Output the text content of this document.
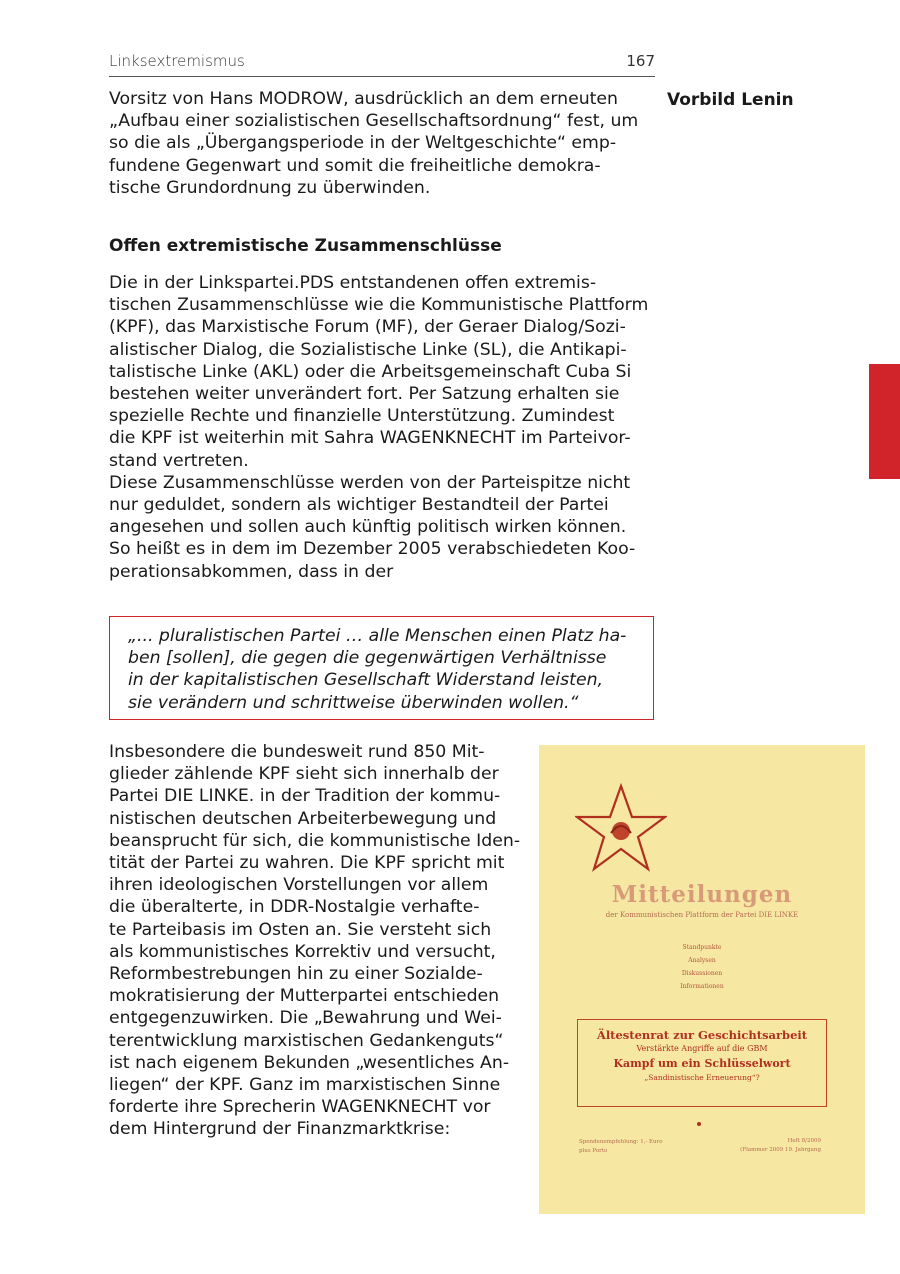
Linksextremismus	167
Vorbild Lenin

Vorsitz von Hans MODROW, ausdrücklich an dem erneuten
„Aufbau einer sozialistischen Gesellschaftsordnung“ fest, um
so die als „Übergangsperiode in der Weltgeschichte“ emp-
fundene Gegenwart und somit die freiheitliche demokra-
tische Grundordnung zu überwinden.

Offen extremistische Zusammenschlüsse

Die in der Linkspartei.PDS entstandenen offen extremis-
tischen Zusammenschlüsse wie die Kommunistische Plattform
(KPF), das Marxistische Forum (MF), der Geraer Dialog/Sozi-
alistischer Dialog, die Sozialistische Linke (SL), die Antikapi-
talistische Linke (AKL) oder die Arbeitsgemeinschaft Cuba Si
bestehen weiter unverändert fort. Per Satzung erhalten sie
spezielle Rechte und finanzielle Unterstützung. Zumindest
die KPF ist weiterhin mit Sahra WAGENKNECHT im Parteivor-
stand vertreten.
Diese Zusammenschlüsse werden von der Parteispitze nicht
nur geduldet, sondern als wichtiger Bestandteil der Partei
angesehen und sollen auch künftig politisch wirken können.
So heißt es in dem im Dezember 2005 verabschiedeten Koo-
perationsabkommen, dass in der

„... pluralistischen Partei … alle Menschen einen Platz ha-
ben [sollen], die gegen die gegenwärtigen Verhältnisse
in der kapitalistischen Gesellschaft Widerstand leisten,
sie verändern und schrittweise überwinden wollen.“

Insbesondere die bundesweit rund 850 Mit-
glieder zählende KPF sieht sich innerhalb der
Partei DIE LINKE. in der Tradition der kommu-
nistischen deutschen Arbeiterbewegung und
beansprucht für sich, die kommunistische Iden-
tität der Partei zu wahren. Die KPF spricht mit
ihren ideologischen Vorstellungen vor allem
die überalterte, in DDR-Nostalgie verhafte-
te Parteibasis im Osten an. Sie versteht sich
als kommunistisches Korrektiv und versucht,
Reformbestrebungen hin zu einer Sozialde-
mokratisierung der Mutterpartei entschieden
entgegenzuwirken. Die „Bewahrung und Wei-
terentwicklung marxistischen Gedankenguts“
ist nach eigenem Bekunden „wesentliches An-
liegen“ der KPF. Ganz im marxistischen Sinne
forderte ihre Sprecherin WAGENKNECHT vor
dem Hintergrund der Finanzmarktkrise:

Mitteilungen
der Kommunistischen Plattform der Partei DIE LINKE
Standpunkte
Analysen
Diskussionen
Informationen
Ältestenrat zur Geschichtsarbeit
Verstärkte Angriffe auf die GBM
Kampf um ein Schlüsselwort
„Sandinistische Erneuerung“?
Spendenempfehlung: 1,- Euro
plus Porto
Heft 8/2009
(Flammer 2009 19. Jahrgang
